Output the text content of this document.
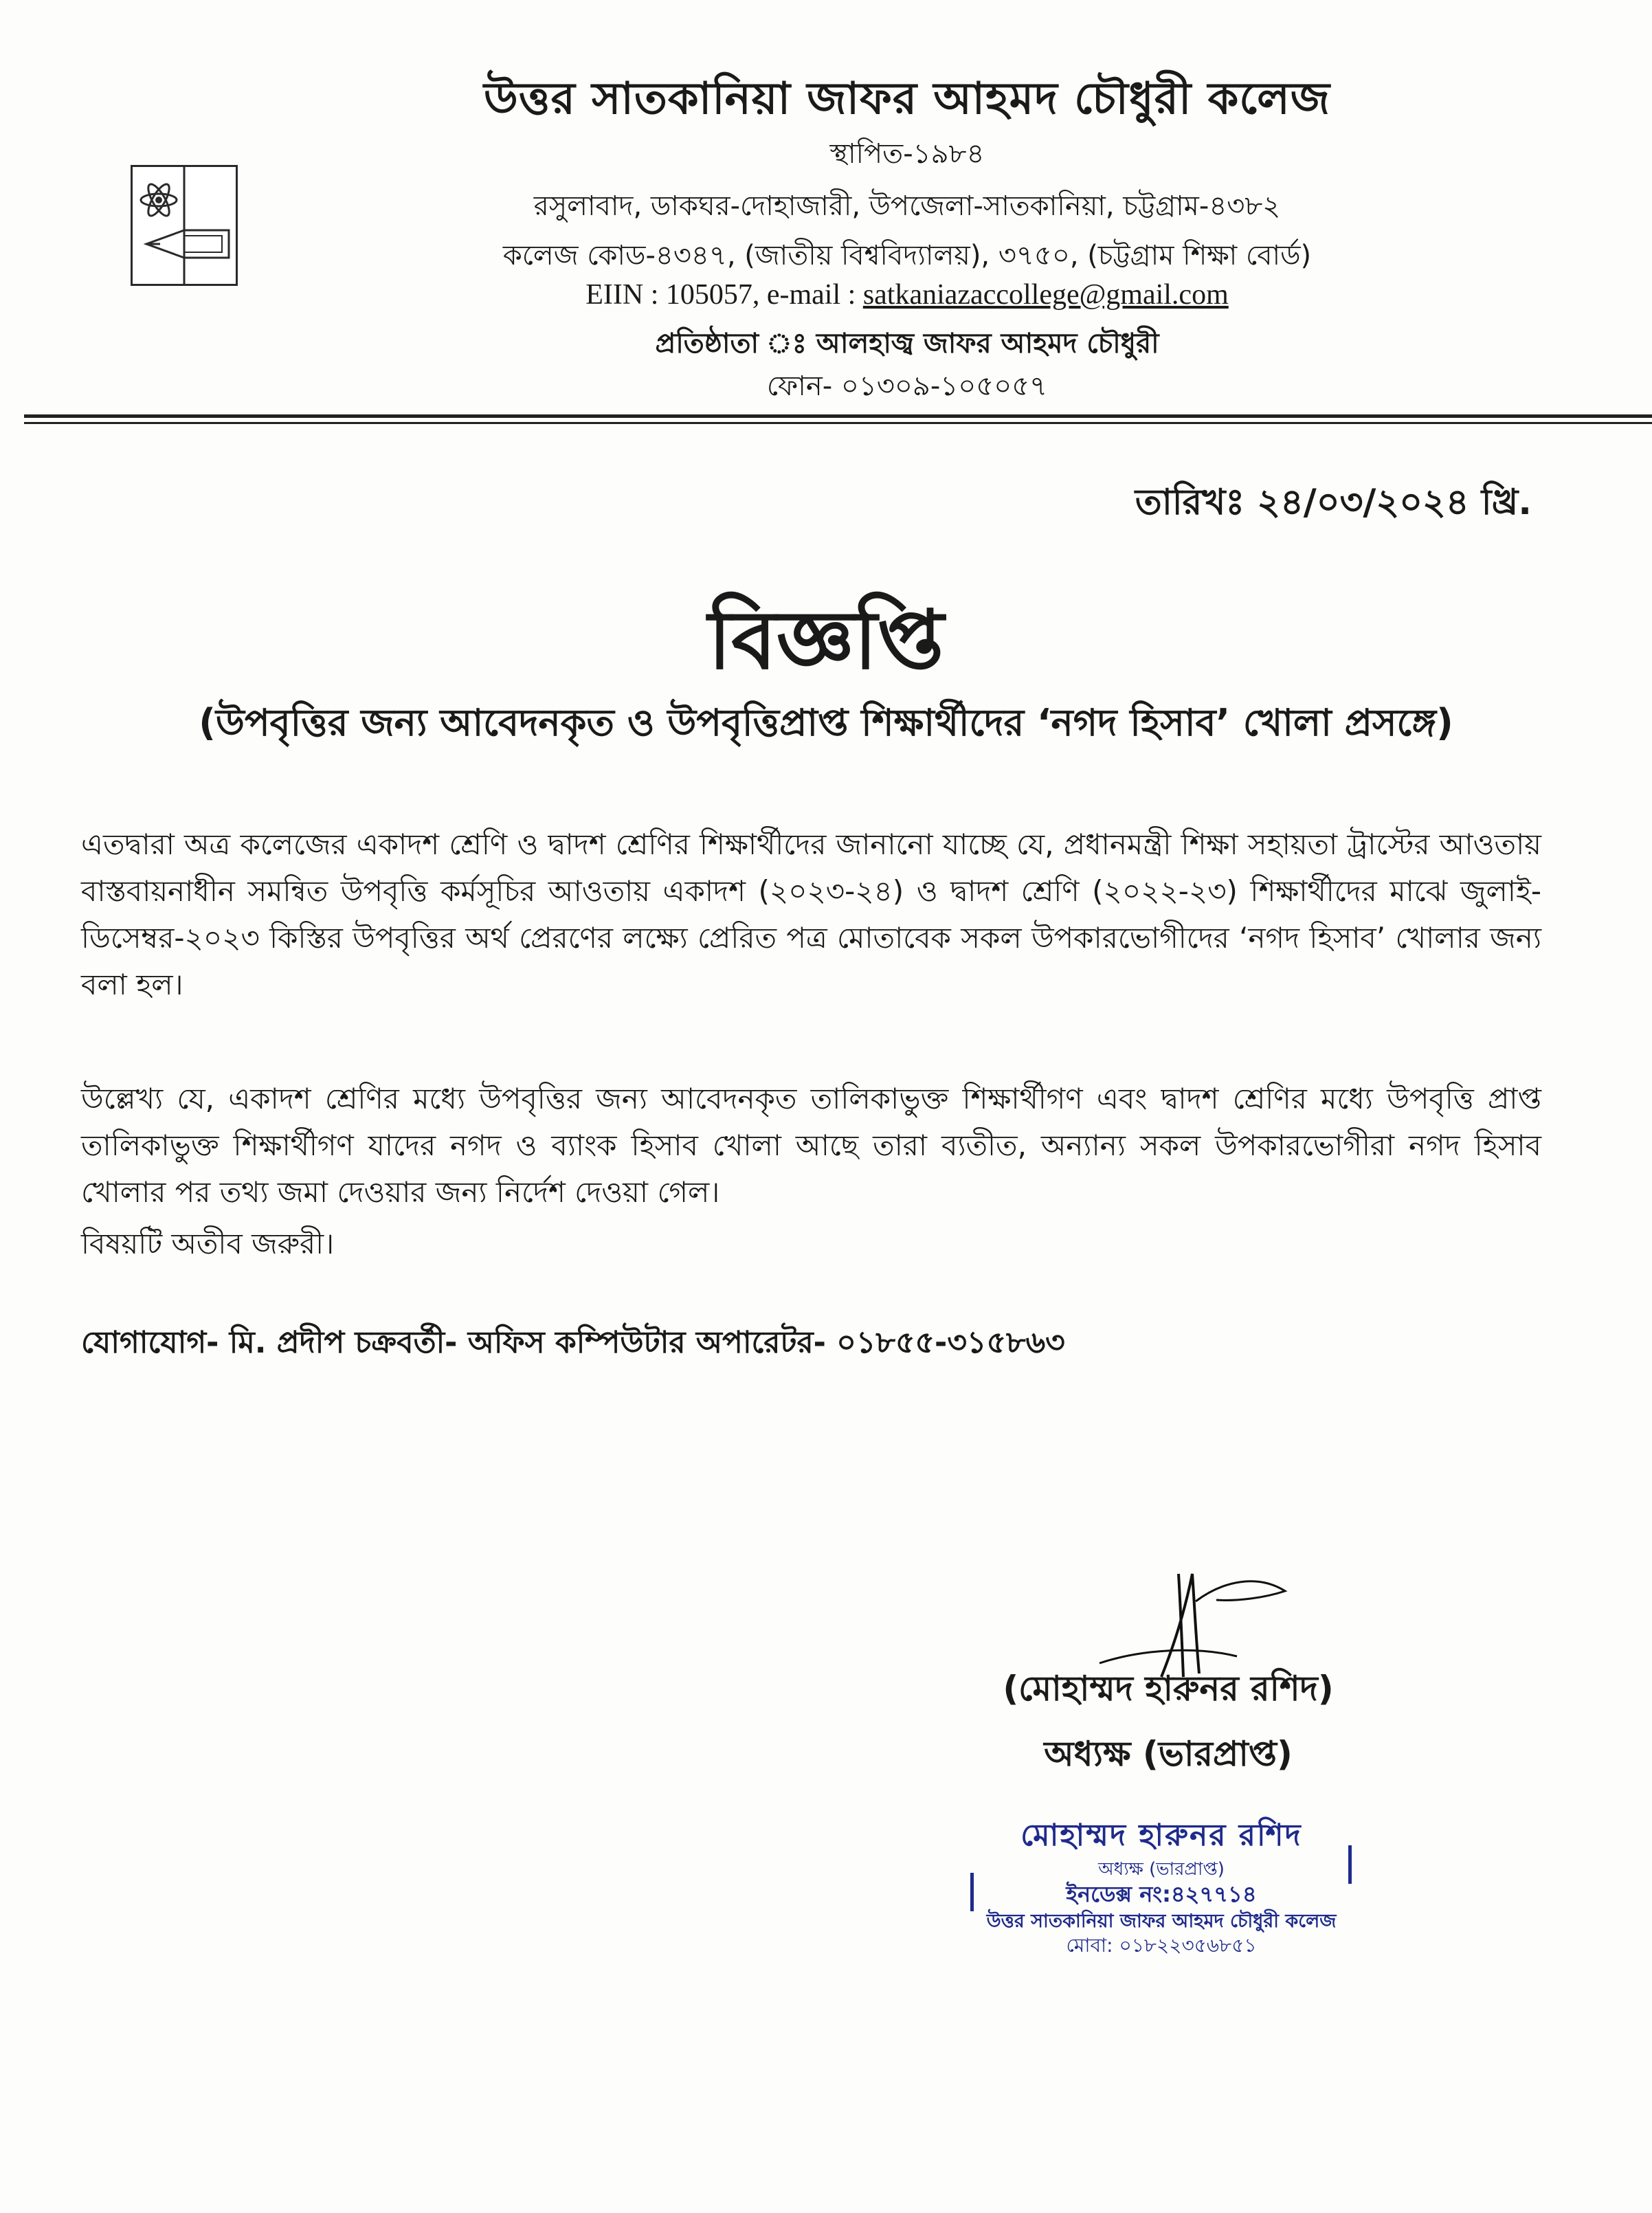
উত্তর সাতকানিয়া জাফর আহমদ চৌধুরী কলেজ
স্থাপিত-১৯৮৪
রসুলাবাদ, ডাকঘর-দোহাজারী, উপজেলা-সাতকানিয়া, চট্টগ্রাম-৪৩৮২
কলেজ কোড-৪৩৪৭, (জাতীয় বিশ্ববিদ্যালয়), ৩৭৫০, (চট্টগ্রাম শিক্ষা বোর্ড)
EIIN : 105057, e-mail : satkaniazaccollege@gmail.com
প্রতিষ্ঠাতা ঃ আলহাজ্ব জাফর আহমদ চৌধুরী
ফোন- ০১৩০৯-১০৫০৫৭
তারিখঃ ২৪/০৩/২০২৪ খ্রি.
বিজ্ঞপ্তি
(উপবৃত্তির জন্য আবেদনকৃত ও উপবৃত্তিপ্রাপ্ত শিক্ষার্থীদের ‘নগদ হিসাব’ খোলা প্রসঙ্গে)
এতদ্বারা অত্র কলেজের একাদশ শ্রেণি ও দ্বাদশ শ্রেণির শিক্ষার্থীদের জানানো যাচ্ছে যে, প্রধানমন্ত্রী শিক্ষা সহায়তা ট্রাস্টের আওতায় বাস্তবায়নাধীন সমন্বিত উপবৃত্তি কর্মসূচির আওতায় একাদশ (২০২৩-২৪) ও দ্বাদশ শ্রেণি (২০২২-২৩) শিক্ষার্থীদের মাঝে জুলাই-ডিসেম্বর-২০২৩ কিস্তির উপবৃত্তির অর্থ প্রেরণের লক্ষ্যে প্রেরিত পত্র মোতাবেক সকল উপকারভোগীদের ‘নগদ হিসাব’ খোলার জন্য বলা হল।
উল্লেখ্য যে, একাদশ শ্রেণির মধ্যে উপবৃত্তির জন্য আবেদনকৃত তালিকাভুক্ত শিক্ষার্থীগণ এবং দ্বাদশ শ্রেণির মধ্যে উপবৃত্তি প্রাপ্ত তালিকাভুক্ত শিক্ষার্থীগণ যাদের নগদ ও ব্যাংক হিসাব খোলা আছে তারা ব্যতীত, অন্যান্য সকল উপকারভোগীরা নগদ হিসাব খোলার পর তথ্য জমা দেওয়ার জন্য নির্দেশ দেওয়া গেল।
বিষয়টি অতীব জরুরী।
যোগাযোগ- মি. প্রদীপ চক্রবর্তী- অফিস কম্পিউটার অপারেটর- ০১৮৫৫-৩১৫৮৬৩
(মোহাম্মদ হারুনর রশিদ)
অধ্যক্ষ (ভারপ্রাপ্ত)
মোহাম্মদ হারুনর রশিদ
অধ্যক্ষ (ভারপ্রাপ্ত)
ইনডেক্স নং:৪২৭৭১৪
উত্তর সাতকানিয়া জাফর আহমদ চৌধুরী কলেজ
মোবা: ০১৮২২৩৫৬৮৫১
